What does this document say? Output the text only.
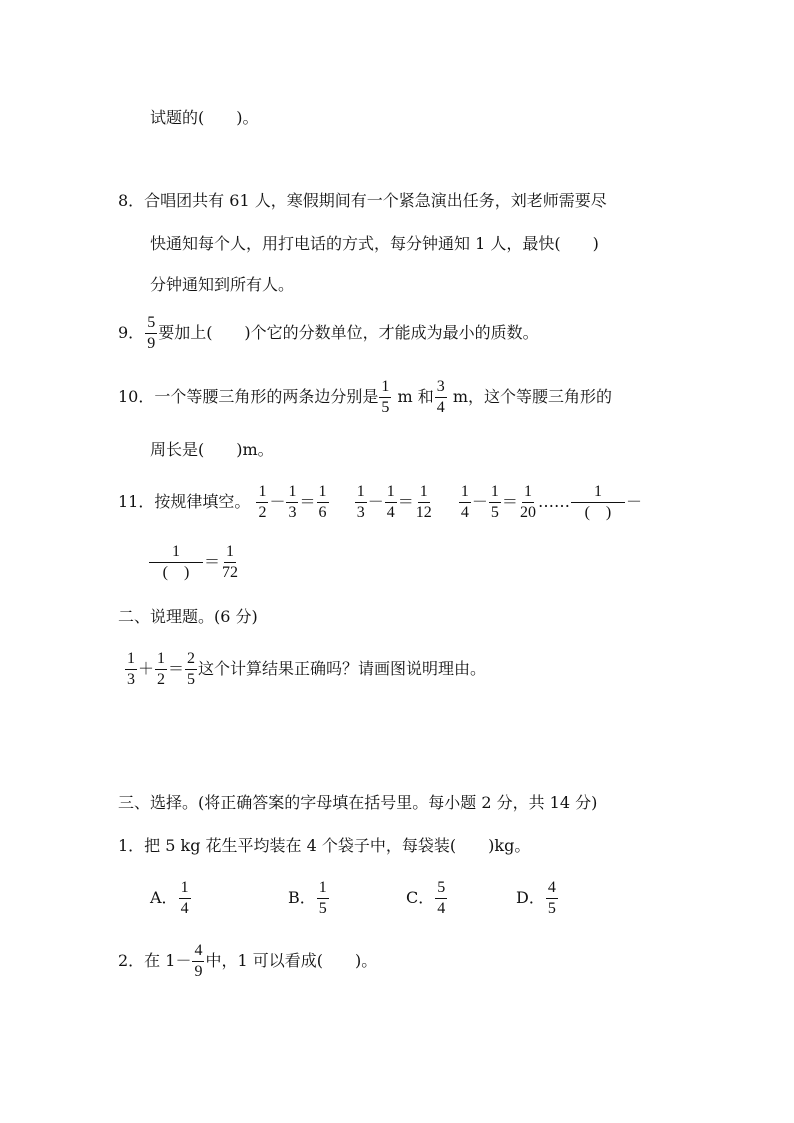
试题的(　　)。
8．合唱团共有 61 人，寒假期间有一个紧急演出任务，刘老师需要尽
快通知每个人，用打电话的方式，每分钟通知 1 人，最快(　　)
分钟通知到所有人。
9． $\frac{5}{9}$ 要加上(　　)个它的分数单位，才能成为最小的质数。
10．一个等腰三角形的两条边分别是 $\frac{1}{5}$ m 和 $\frac{3}{4}$ m，这个等腰三角形的
周长是(　　)m。
11．按规律填空。 $\frac{1}{2} - \frac{1}{3} = \frac{1}{6}$
$\frac{1}{3} - \frac{1}{4} = \frac{1}{12}$
$\frac{1}{4} - \frac{1}{5} = \frac{1}{20}$ …… $\frac{1}{( )}$ －
$\frac{1}{( )} = \frac{1}{72}$
二、说理题。(6 分)
$\frac{1}{3} + \frac{1}{2} = \frac{2}{5}$ 这个计算结果正确吗？请画图说明理由。
三、选择。(将正确答案的字母填在括号里。每小题 2 分，共 14 分)
1．把 5 kg 花生平均装在 4 个袋子中，每袋装(　　)kg。
A． $\frac{1}{4}$	B． $\frac{1}{5}$	C． $\frac{5}{4}$	D． $\frac{4}{5}$
2．在 $1- \frac{4}{9}$ 中，1 可以看成(　　)。
